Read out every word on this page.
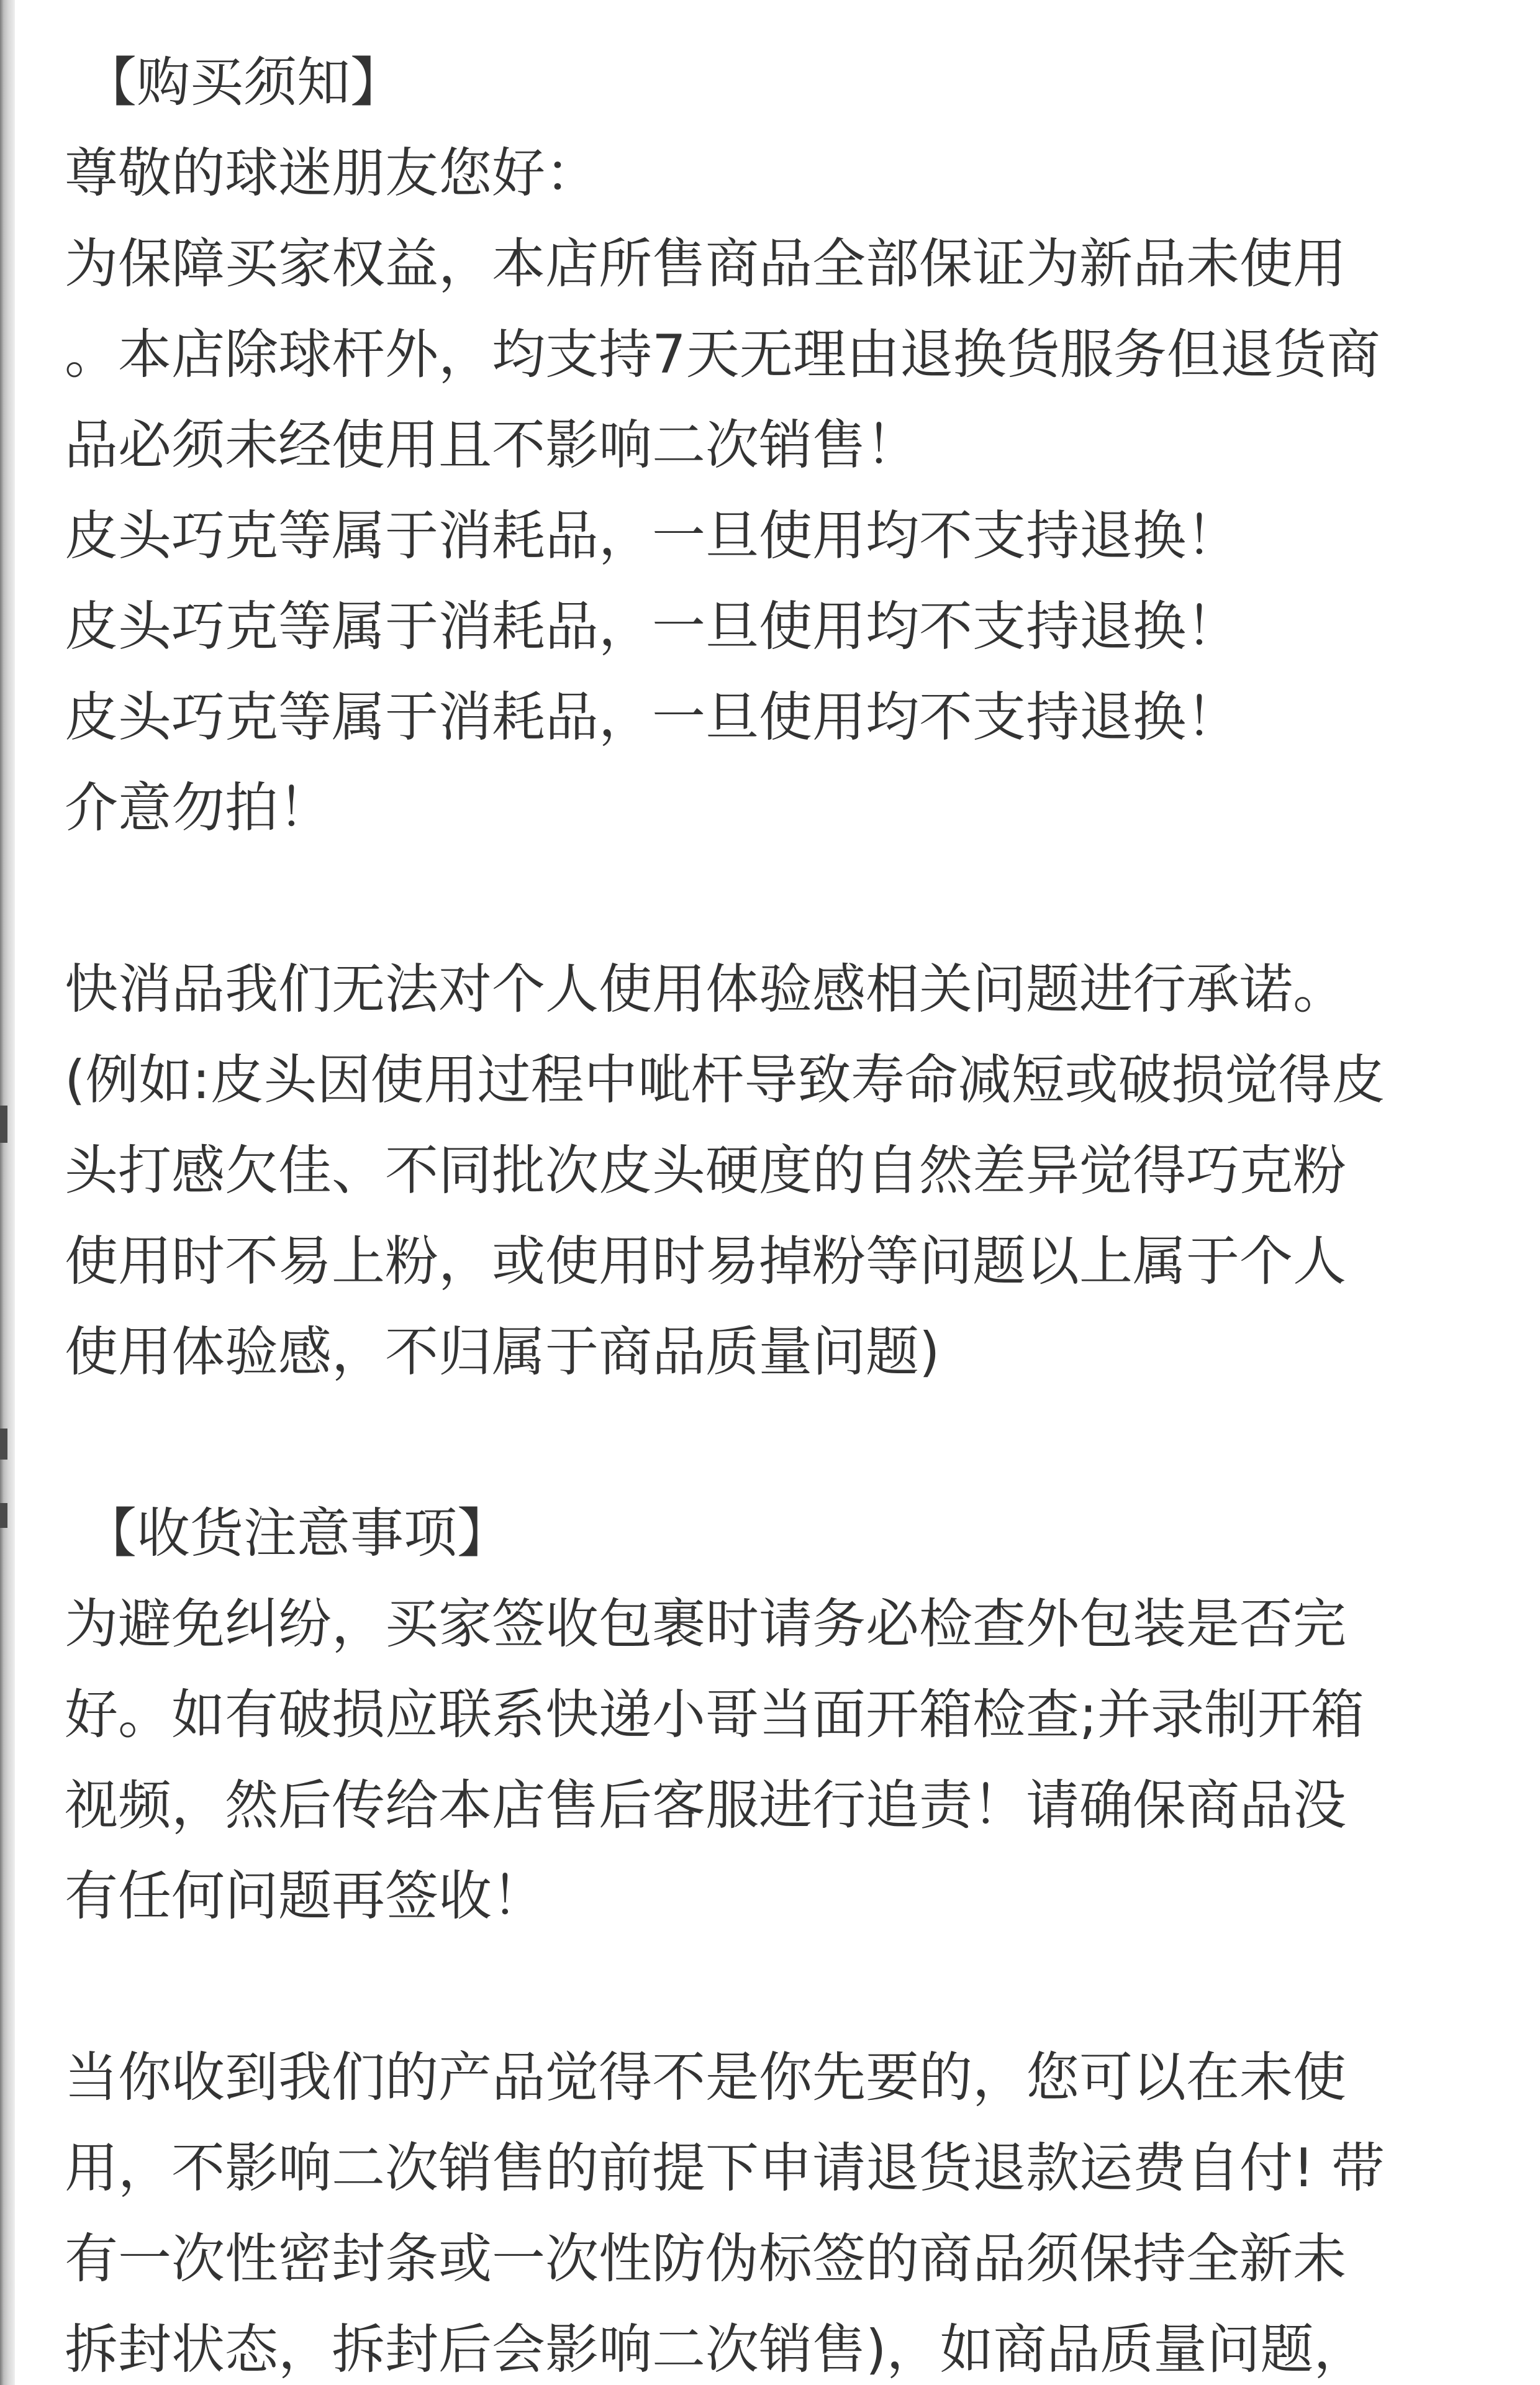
【购买须知】
尊敬的球迷朋友您好：
为保障买家权益，本店所售商品全部保证为新品未使用
。本店除球杆外，均支持7天无理由退换货服务但退货商
品必须未经使用且不影响二次销售！
皮头巧克等属于消耗品，一旦使用均不支持退换！
皮头巧克等属于消耗品，一旦使用均不支持退换！
皮头巧克等属于消耗品，一旦使用均不支持退换！
介意勿拍！
快消品我们无法对个人使用体验感相关问题进行承诺。
(例如:皮头因使用过程中呲杆导致寿命减短或破损觉得皮
头打感欠佳、不同批次皮头硬度的自然差异觉得巧克粉
使用时不易上粉，或使用时易掉粉等问题以上属于个人
使用体验感，不归属于商品质量问题)
【收货注意事项】
为避免纠纷，买家签收包裹时请务必检查外包装是否完
好。如有破损应联系快递小哥当面开箱检查;并录制开箱
视频，然后传给本店售后客服进行追责！请确保商品没
有任何问题再签收！
当你收到我们的产品觉得不是你先要的，您可以在未使
用，不影响二次销售的前提下申请退货退款运费自付! 带
有一次性密封条或一次性防伪标签的商品须保持全新未
拆封状态，拆封后会影响二次销售)，如商品质量问题，
